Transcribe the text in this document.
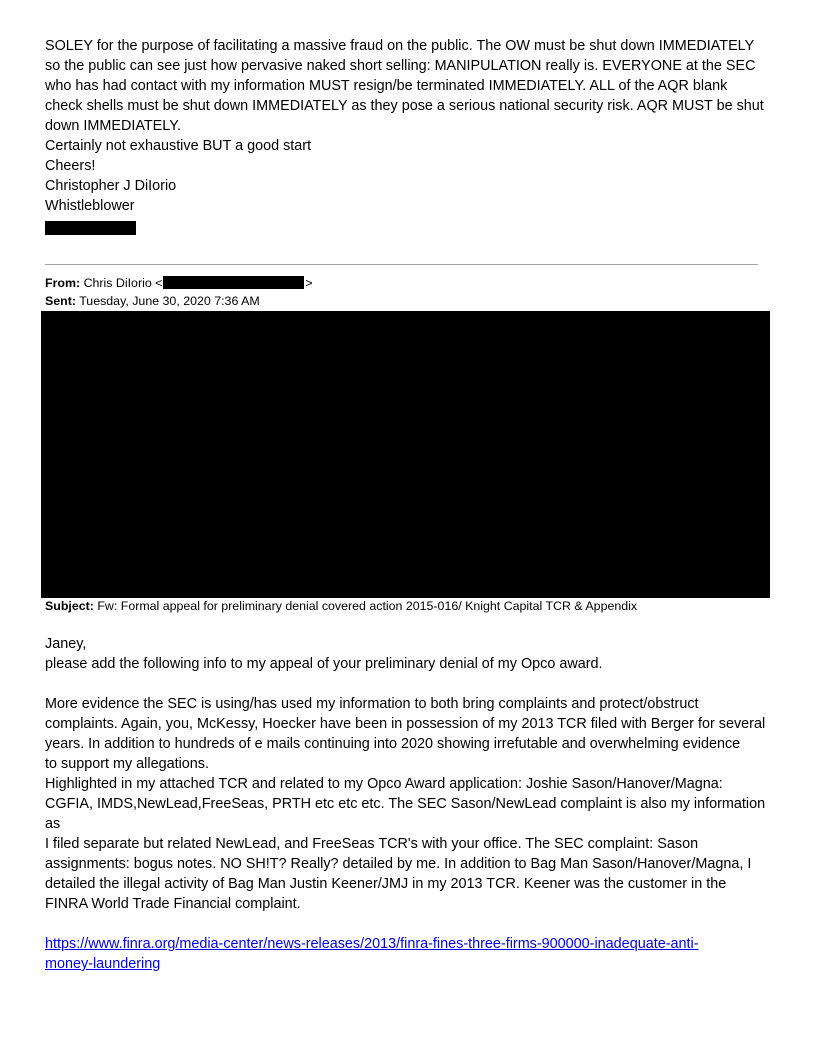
SOLEY for the purpose of facilitating a massive fraud on the public. The OW must be shut down IMMEDIATELY
so the public can see just how pervasive naked short selling: MANIPULATION really is. EVERYONE at the SEC
who has had contact with my information MUST resign/be terminated IMMEDIATELY. ALL of the AQR blank
check shells must be shut down IMMEDIATELY as they pose a serious national security risk. AQR MUST be shut
down IMMEDIATELY.
Certainly not exhaustive BUT a good start
Cheers!
Christopher J DiIorio
Whistleblower
From: Chris DiIorio <	>
Sent: Tuesday, June 30, 2020 7:36 AM
Subject: Fw: Formal appeal for preliminary denial covered action 2015-016/ Knight Capital TCR & Appendix
Janey,
please add the following info to my appeal of your preliminary denial of my Opco award.
More evidence the SEC is using/has used my information to both bring complaints and protect/obstruct
complaints. Again, you, McKessy, Hoecker have been in possession of my 2013 TCR filed with Berger for several
years. In addition to hundreds of e mails continuing into 2020 showing irrefutable and overwhelming evidence
to support my allegations.
Highlighted in my attached TCR and related to my Opco Award application: Joshie Sason/Hanover/Magna:
CGFIA, IMDS,NewLead,FreeSeas, PRTH etc etc etc. The SEC Sason/NewLead complaint is also my information as
I filed separate but related NewLead, and FreeSeas TCR's with your office. The SEC complaint: Sason
assignments: bogus notes. NO SH!T? Really? detailed by me. In addition to Bag Man Sason/Hanover/Magna, I
detailed the illegal activity of Bag Man Justin Keener/JMJ in my 2013 TCR. Keener was the customer in the
FINRA World Trade Financial complaint.
https://www.finra.org/media-center/news-releases/2013/finra-fines-three-firms-900000-inadequate-anti-
money-laundering
